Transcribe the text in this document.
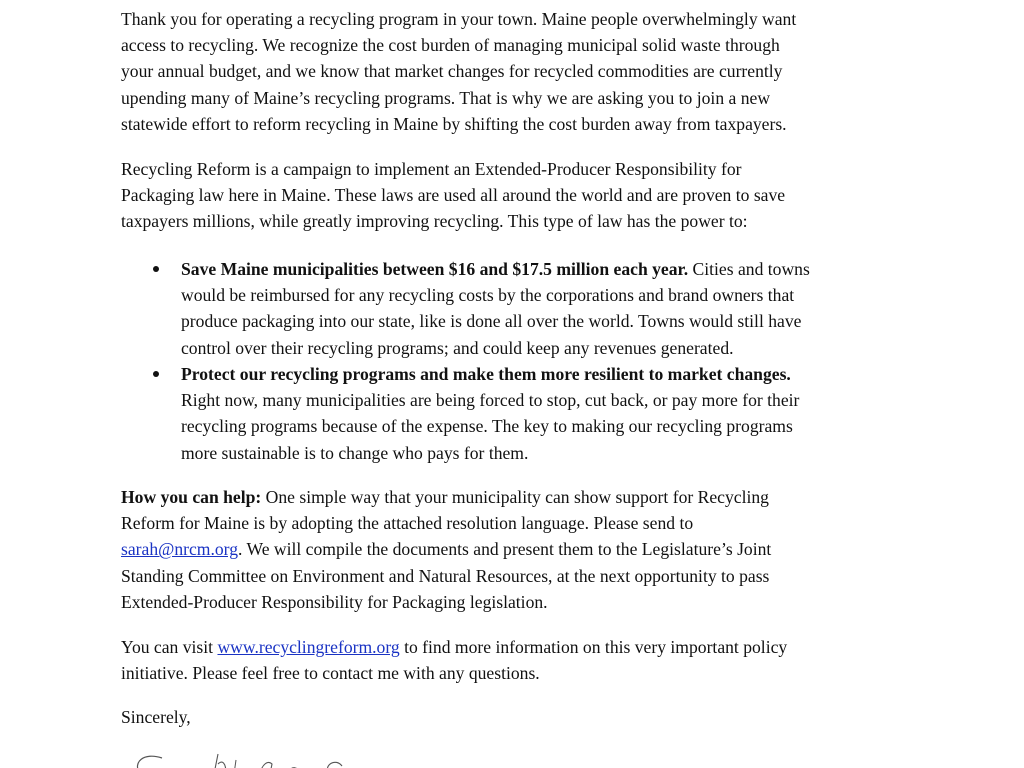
Thank you for operating a recycling program in your town. Maine people overwhelmingly want
access to recycling. We recognize the cost burden of managing municipal solid waste through
your annual budget, and we know that market changes for recycled commodities are currently
upending many of Maine’s recycling programs. That is why we are asking you to join a new
statewide effort to reform recycling in Maine by shifting the cost burden away from taxpayers.
Recycling Reform is a campaign to implement an Extended-Producer Responsibility for
Packaging law here in Maine. These laws are used all around the world and are proven to save
taxpayers millions, while greatly improving recycling. This type of law has the power to:
Save Maine municipalities between $16 and $17.5 million each year. Cities and towns
would be reimbursed for any recycling costs by the corporations and brand owners that
produce packaging into our state, like is done all over the world. Towns would still have
control over their recycling programs; and could keep any revenues generated.
Protect our recycling programs and make them more resilient to market changes.
Right now, many municipalities are being forced to stop, cut back, or pay more for their
recycling programs because of the expense. The key to making our recycling programs
more sustainable is to change who pays for them.
How you can help: One simple way that your municipality can show support for Recycling
Reform for Maine is by adopting the attached resolution language. Please send to
sarah@nrcm.org. We will compile the documents and present them to the Legislature’s Joint
Standing Committee on Environment and Natural Resources, at the next opportunity to pass
Extended-Producer Responsibility for Packaging legislation.
You can visit www.recyclingreform.org to find more information on this very important policy
initiative. Please feel free to contact me with any questions.
Sincerely,
